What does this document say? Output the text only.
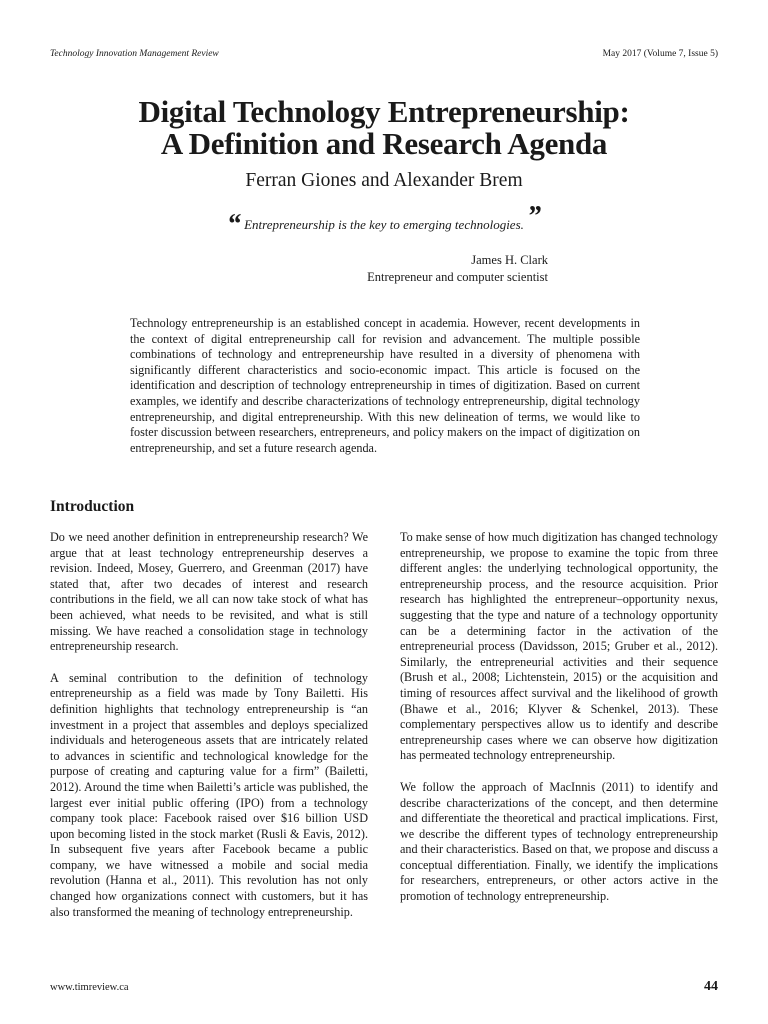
Technology Innovation Management Review	May 2017 (Volume 7, Issue 5)
Digital Technology Entrepreneurship:
A Definition and Research Agenda
Ferran Giones and Alexander Brem
“ Entrepreneurship is the key to emerging technologies. ”
James H. Clark
Entrepreneur and computer scientist
Technology entrepreneurship is an established concept in academia. However, recent developments in the context of digital entrepreneurship call for revision and advancement. The multiple possible combinations of technology and entrepreneurship have resulted in a diversity of phenomena with significantly different characteristics and socio-economic impact. This article is focused on the identification and description of technology entrepreneurship in times of digitization. Based on current examples, we identify and describe characterizations of technology entrepreneurship, digital technology entrepreneurship, and digital entrepreneurship. With this new delineation of terms, we would like to foster discussion between researchers, entrepreneurs, and policy makers on the impact of digitization on entrepreneurship, and set a future research agenda.
Introduction

Do we need another definition in entrepreneurship research? We argue that at least technology entrepreneurship deserves a revision. Indeed, Mosey, Guerrero, and Greenman (2017) have stated that, after two decades of interest and research contributions in the field, we all can now take stock of what has been achieved, what needs to be revisited, and what is still missing. We have reached a consolidation stage in technology entrepreneurship research.

A seminal contribution to the definition of technology entrepreneurship as a field was made by Tony Bailetti. His definition highlights that technology entrepreneurship is “an investment in a project that assembles and deploys specialized individuals and heterogeneous assets that are intricately related to advances in scientific and technological knowledge for the purpose of creating and capturing value for a firm” (Bailetti, 2012). Around the time when Bailetti’s article was published, the largest ever initial public offering (IPO) from a technology company took place: Facebook raised over $16 billion USD upon becoming listed in the stock market (Rusli & Eavis, 2012). In subsequent five years after Facebook became a public company, we have witnessed a mobile and social media revolution (Hanna et al., 2011). This revolution has not only changed how organizations connect with customers, but it has also transformed the meaning of technology entrepreneurship.

To make sense of how much digitization has changed technology entrepreneurship, we propose to examine the topic from three different angles: the underlying technological opportunity, the entrepreneurship process, and the resource acquisition. Prior research has highlighted the entrepreneur–opportunity nexus, suggesting that the type and nature of a technology opportunity can be a determining factor in the activation of the entrepreneurial process (Davidsson, 2015; Gruber et al., 2012). Similarly, the entrepreneurial activities and their sequence (Brush et al., 2008; Lichtenstein, 2015) or the acquisition and timing of resources affect survival and the likelihood of growth (Bhawe et al., 2016; Klyver & Schenkel, 2013). These complementary perspectives allow us to identify and describe entrepreneurship cases where we can observe how digitization has permeated technology entrepreneurship.

We follow the approach of MacInnis (2011) to identify and describe characterizations of the concept, and then determine and differentiate the theoretical and practical implications. First, we describe the different types of technology entrepreneurship and their characteristics. Based on that, we propose and discuss a conceptual differentiation. Finally, we identify the implications for researchers, entrepreneurs, or other actors active in the promotion of technology entrepreneurship.

www.timreview.ca	44
